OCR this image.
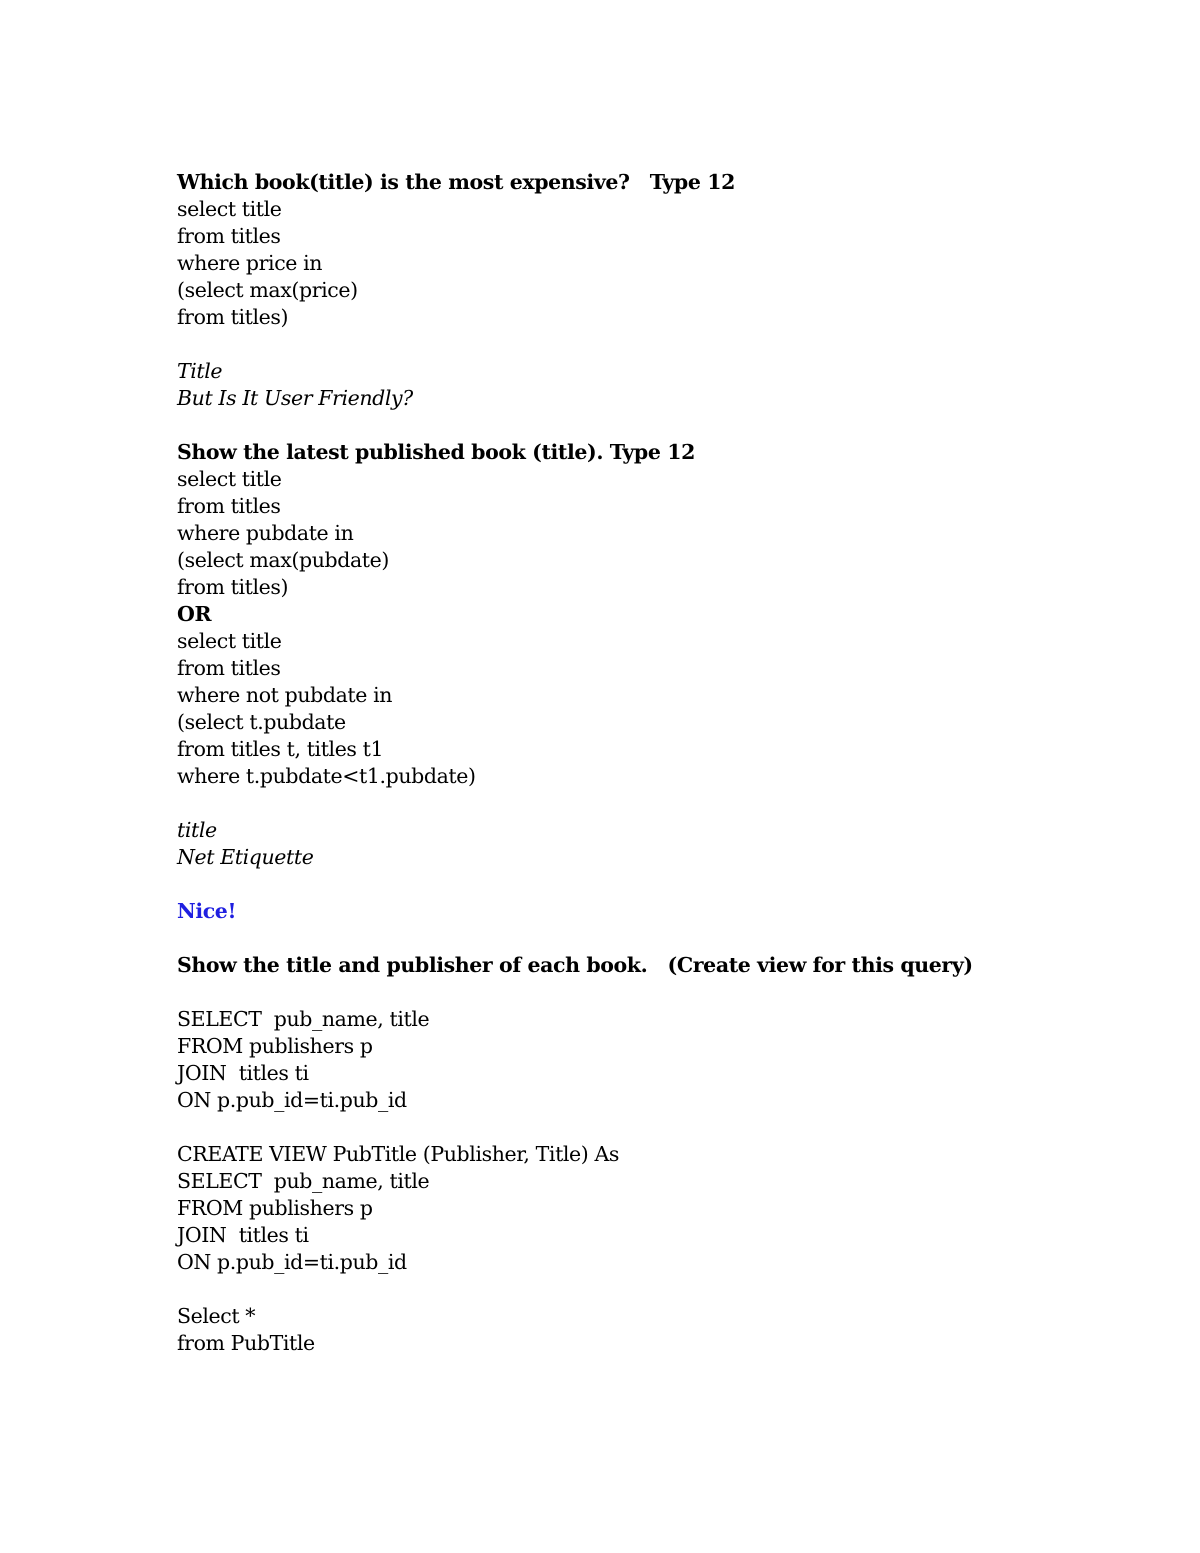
Which book(title) is the most expensive?   Type 12
select title
from titles
where price in
(select max(price)
from titles)
Title
But Is It User Friendly?
Show the latest published book (title). Type 12
select title
from titles
where pubdate in
(select max(pubdate)
from titles)
OR
select title
from titles
where not pubdate in
(select t.pubdate
from titles t, titles t1
where t.pubdate<t1.pubdate)
title
Net Etiquette
Nice!
Show the title and publisher of each book.   (Create view for this query)
SELECT  pub_name, title
FROM publishers p
JOIN  titles ti
ON p.pub_id=ti.pub_id
CREATE VIEW PubTitle (Publisher, Title) As
SELECT  pub_name, title
FROM publishers p
JOIN  titles ti
ON p.pub_id=ti.pub_id
Select *
from PubTitle
